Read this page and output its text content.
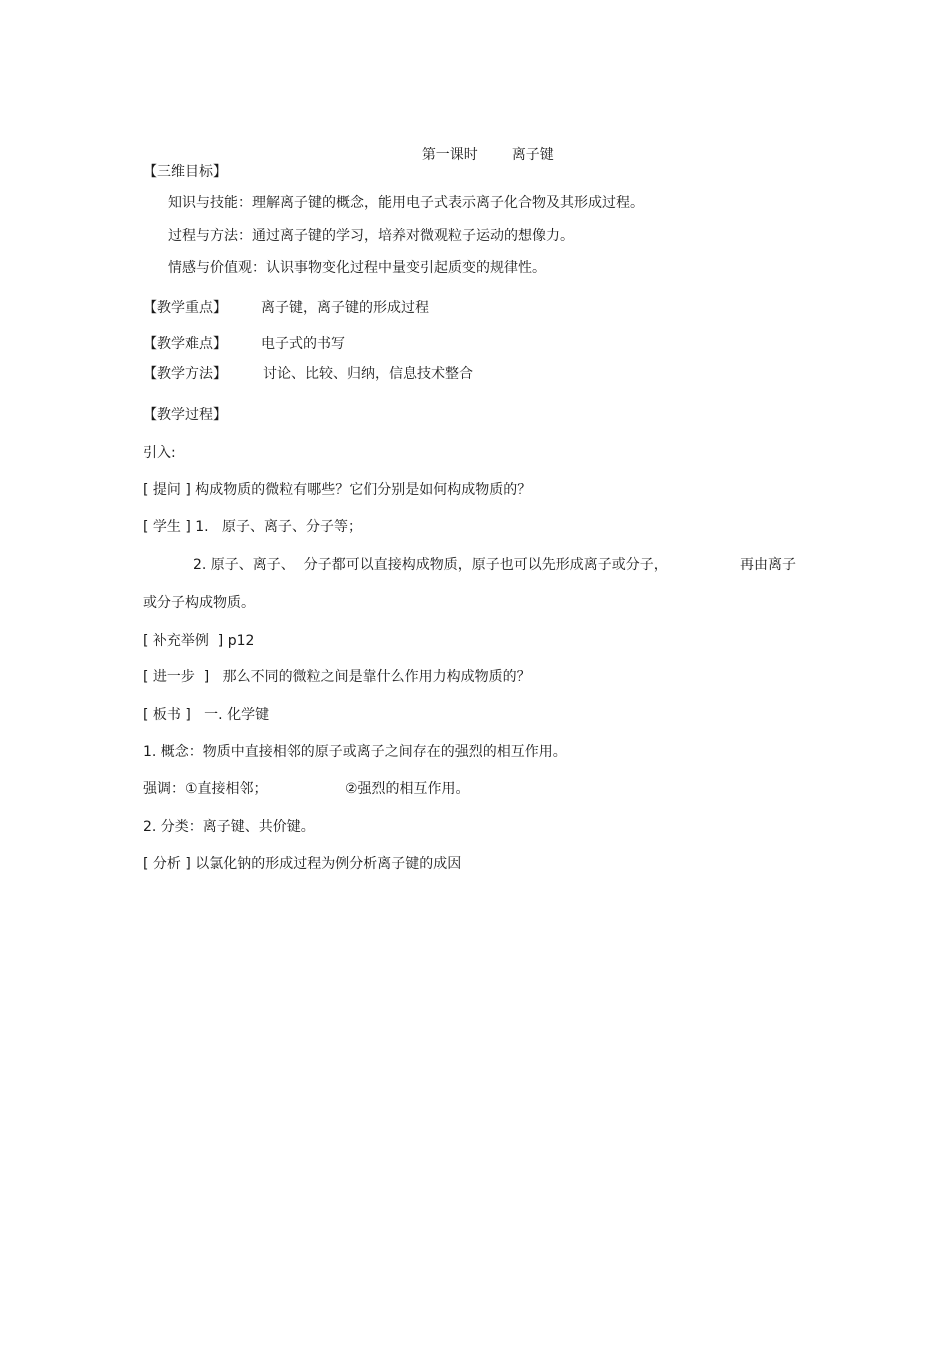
第一课时 离子键

【三维目标】
知识与技能：理解离子键的概念，能用电子式表示离子化合物及其形成过程。
过程与方法：通过离子键的学习，培养对微观粒子运动的想像力。
情感与价值观：认识事物变化过程中量变引起质变的规律性。
【教学重点】 离子键，离子键的形成过程
【教学难点】 电子式的书写
【教学方法】	讨论、比较、归纳，信息技术整合
【教学过程】
引入:
[ 提问 ] 构成物质的微粒有哪些？它们分别是如何构成物质的？
[ 学生 ] 1.   原子、离子、分子等；
2. 原子、离子、  分子都可以直接构成物质，原子也可以先形成离子或分子，	再由离子
或分子构成物质。
[ 补充举例  ] p12
[ 进一步  ]   那么不同的微粒之间是靠什么作用力构成物质的？
[ 板书 ]   一. 化学键
1. 概念：物质中直接相邻的原子或离子之间存在的强烈的相互作用。
强调：①直接相邻；	②强烈的相互作用。
2. 分类：离子键、共价键。
[ 分析 ] 以氯化钠的形成过程为例分析离子键的成因
